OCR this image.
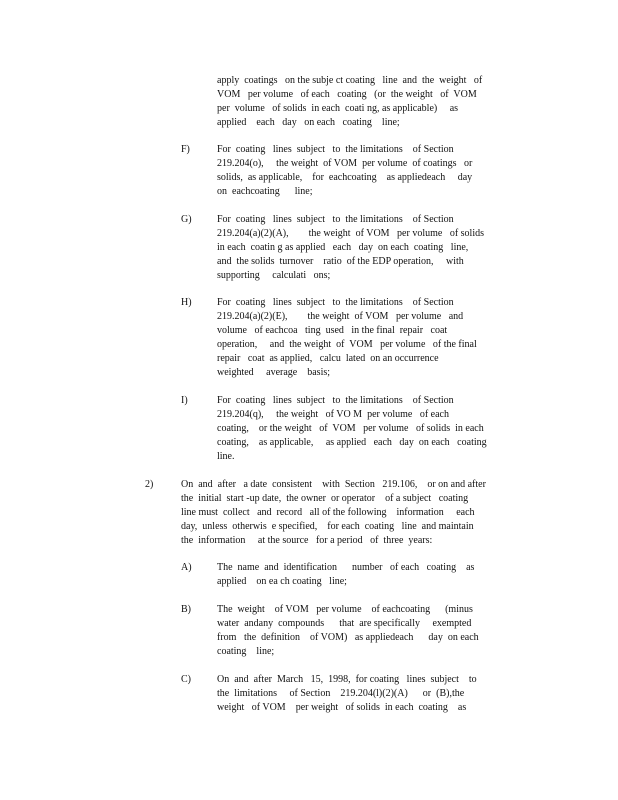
apply  coatings   on the subje ct coating   line  and  the  weight   of

VOM   per volume   of each   coating   (or  the weight   of  VOM

per  volume   of solids  in each  coati ng, as applicable)     as

applied    each   day   on each   coating    line;

F)	For  coating   lines  subject   to  the limitations    of Section

219.204(o),     the weight  of VOM  per volume  of coatings   or

solids,  as applicable,    for  eachcoating    as appliedeach     day

on  eachcoating      line;

G)	For  coating   lines  subject   to  the limitations    of Section

219.204(a)(2)(A),        the weight  of VOM   per volume   of solids

in each  coatin g as applied   each   day  on each  coating   line,

and  the solids  turnover    ratio  of the EDP operation,     with

supporting     calculati   ons;

H)	For  coating   lines  subject   to  the limitations    of Section

219.204(a)(2)(E),        the weight  of VOM   per volume   and

volume   of eachcoa   ting  used   in the final  repair   coat

operation,     and  the weight  of  VOM   per volume   of the final

repair   coat  as applied,   calcu  lated  on an occurrence

weighted     average    basis;

I)	For  coating   lines  subject   to  the limitations    of Section

219.204(q),     the weight   of VO M  per volume   of each

coating,    or the weight   of  VOM   per volume   of solids  in each

coating,    as applicable,     as applied   each   day  on each   coating

line.

2)	On  and  after   a date  consistent    with  Section   219.106,    or on and after

the  initial  start -up date,  the owner  or operator    of a subject   coating

line must  collect   and  record   all of the following    information     each

day,  unless  otherwis  e specified,    for each  coating   line  and maintain

the  information     at the source   for a period   of  three  years:

A)	The  name  and  identification      number   of each   coating    as

applied    on ea ch coating   line;

B)	The  weight    of VOM   per volume    of eachcoating      (minus

water  andany  compounds      that  are specifically     exempted

from   the  definition    of VOM)   as appliedeach      day  on each

coating    line;

C)	On  and  after  March   15,  1998,  for coating   lines  subject    to

the  limitations     of Section    219.204(l)(2)(A)      or  (B),the

weight   of VOM    per weight   of solids  in each  coating    as
